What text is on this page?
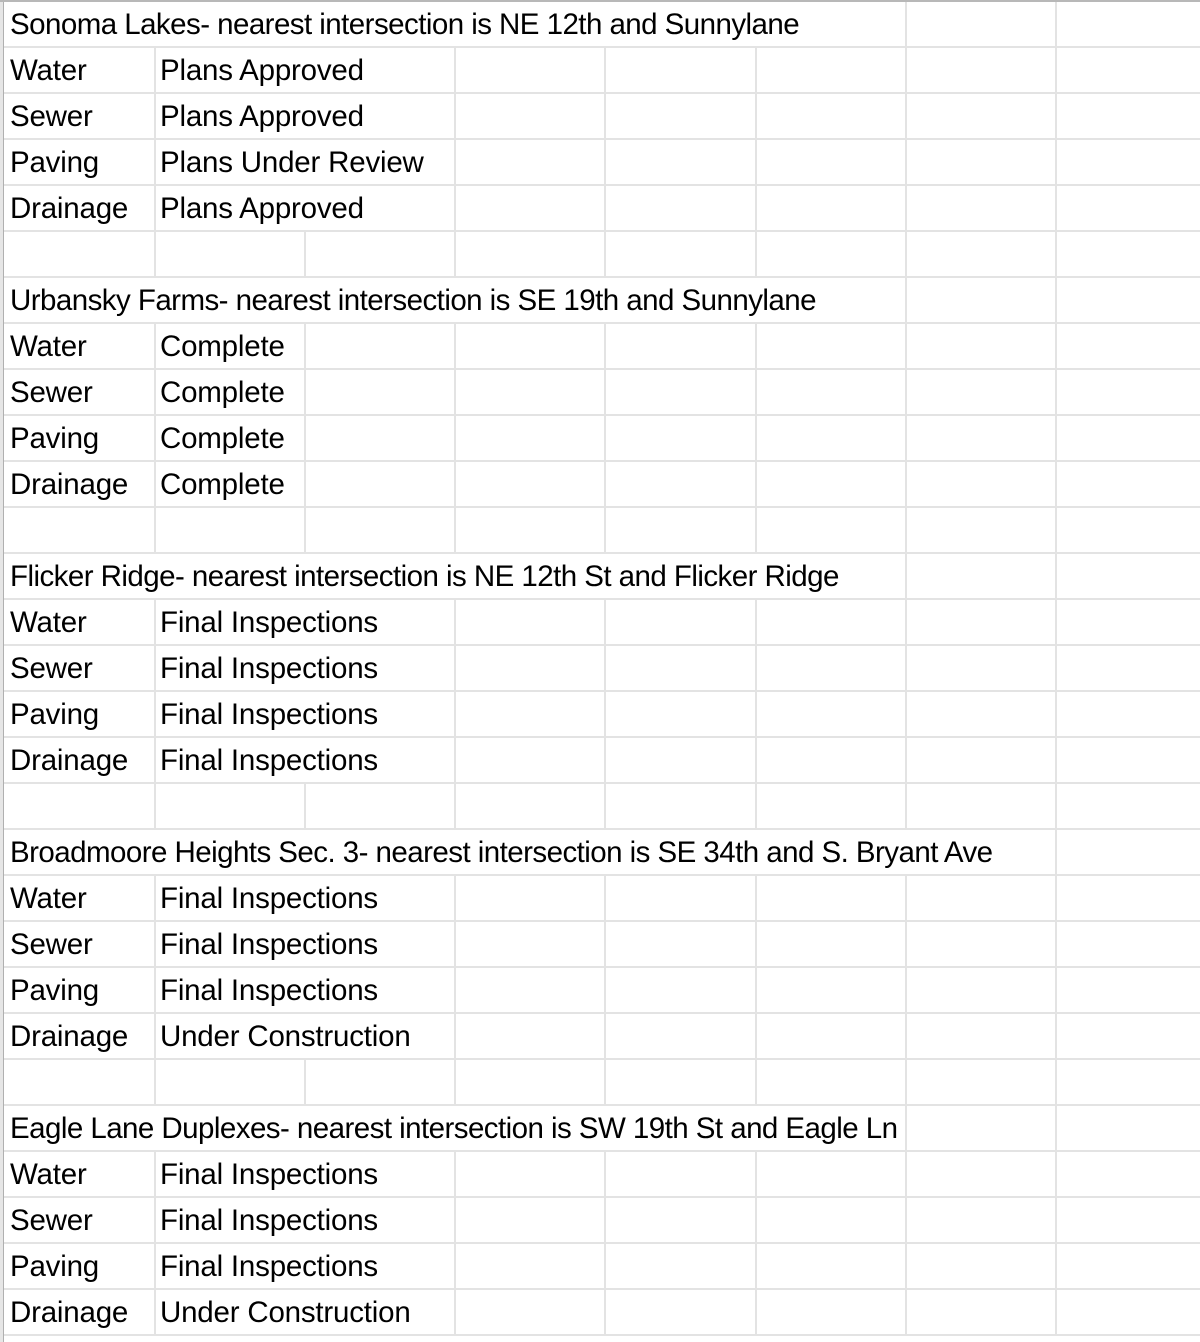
Sonoma Lakes- nearest intersection is NE 12th and Sunnylane
Water Plans Approved
Sewer Plans Approved
Paving Plans Under Review
Drainage Plans Approved
Urbansky Farms- nearest intersection is SE 19th and Sunnylane
Water Complete
Sewer Complete
Paving Complete
Drainage Complete
Flicker Ridge- nearest intersection is NE 12th St and Flicker Ridge
Water Final Inspections
Sewer Final Inspections
Paving Final Inspections
Drainage Final Inspections
Broadmoore Heights Sec. 3- nearest intersection is SE 34th and S. Bryant Ave
Water Final Inspections
Sewer Final Inspections
Paving Final Inspections
Drainage Under Construction
Eagle Lane Duplexes- nearest intersection is SW 19th St and Eagle Ln
Water Final Inspections
Sewer Final Inspections
Paving Final Inspections
Drainage Under Construction
